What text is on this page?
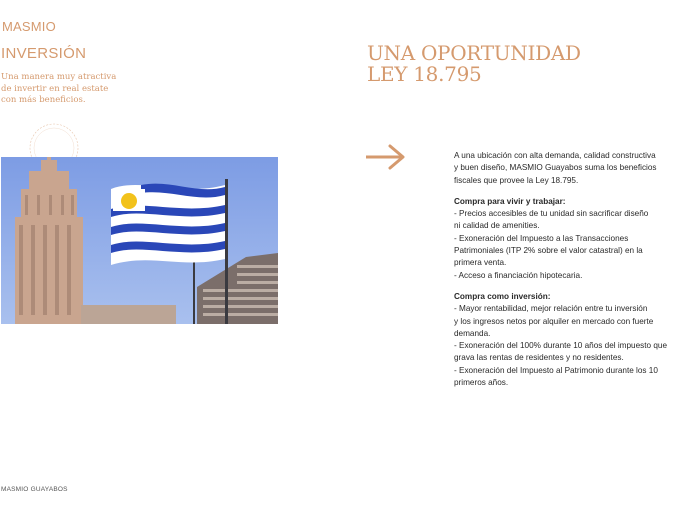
MASMIO
INVERSIÓN
Una manera muy atractiva
de invertir en real estate
con más beneficios.
UNA OPORTUNIDAD
LEY 18.795

A una ubicación con alta demanda, calidad constructiva
y buen diseño, MASMIO Guayabos suma los beneficios
fiscales que provee la Ley 18.795.

Compra para vivir y trabajar:
- Precios accesibles de tu unidad sin sacrificar diseño
ni calidad de amenities.
- Exoneración del Impuesto a las Transacciones
Patrimoniales (ITP 2% sobre el valor catastral) en la
primera venta.
- Acceso a financiación hipotecaria.

Compra como inversión:
- Mayor rentabilidad, mejor relación entre tu inversión
y los ingresos netos por alquiler en mercado con fuerte
demanda.
- Exoneración del 100% durante 10 años del impuesto que
grava las rentas de residentes y no residentes.
- Exoneración del Impuesto al Patrimonio durante los 10
primeros años.

MASMIO GUAYABOS
